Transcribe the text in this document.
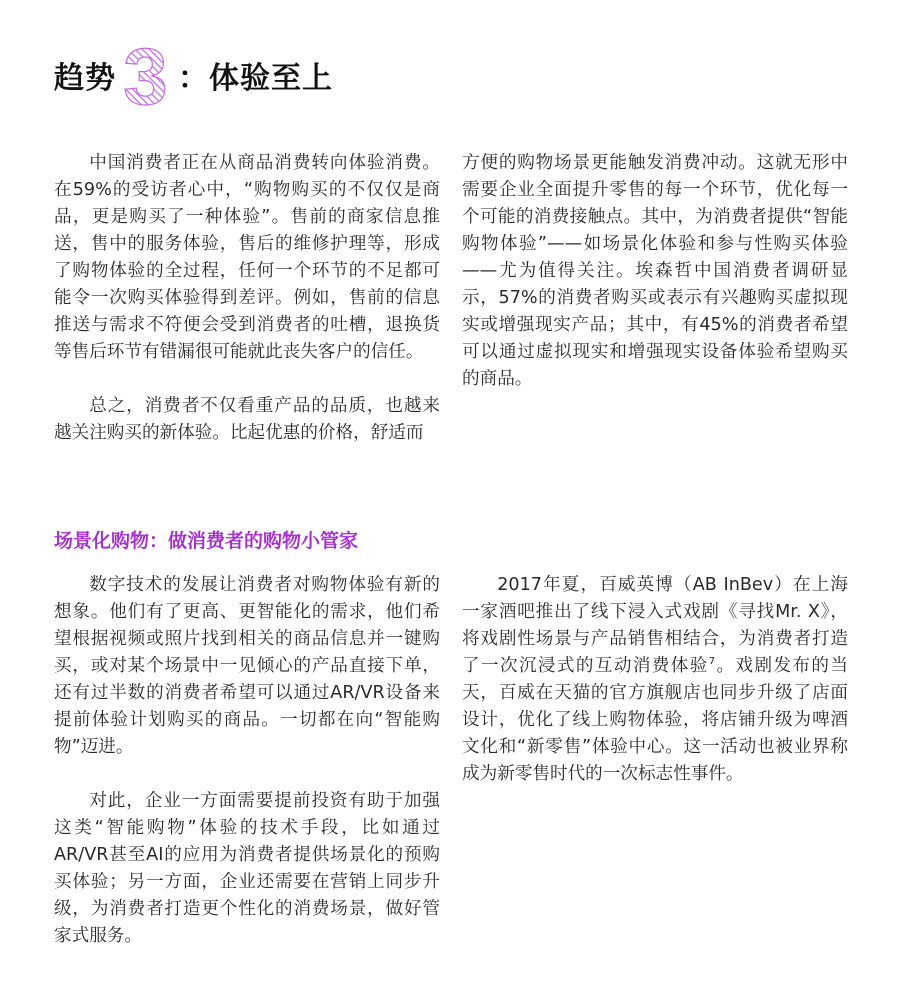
趋势 3 ：体验至上

中国消费者正在从商品消费转向体验消费。在59%的受访者心中，“购物购买的不仅仅是商品，更是购买了一种体验”。售前的商家信息推送，售中的服务体验，售后的维修护理等，形成了购物体验的全过程，任何一个环节的不足都可能令一次购买体验得到差评。例如，售前的信息推送与需求不符便会受到消费者的吐槽，退换货等售后环节有错漏很可能就此丧失客户的信任。

总之，消费者不仅看重产品的品质，也越来越关注购买的新体验。比起优惠的价格，舒适而

方便的购物场景更能触发消费冲动。这就无形中需要企业全面提升零售的每一个环节，优化每一个可能的消费接触点。其中，为消费者提供“智能购物体验”——如场景化体验和参与性购买体验——尤为值得关注。埃森哲中国消费者调研显示，57%的消费者购买或表示有兴趣购买虚拟现实或增强现实产品；其中，有45%的消费者希望可以通过虚拟现实和增强现实设备体验希望购买的商品。

场景化购物：做消费者的购物小管家

数字技术的发展让消费者对购物体验有新的想象。他们有了更高、更智能化的需求，他们希望根据视频或照片找到相关的商品信息并一键购买，或对某个场景中一见倾心的产品直接下单，还有过半数的消费者希望可以通过AR/VR设备来提前体验计划购买的商品。一切都在向“智能购物”迈进。

对此，企业一方面需要提前投资有助于加强这类“智能购物”体验的技术手段，比如通过AR/VR甚至AI的应用为消费者提供场景化的预购买体验；另一方面，企业还需要在营销上同步升级，为消费者打造更个性化的消费场景，做好管家式服务。

2017年夏，百威英博（AB InBev）在上海一家酒吧推出了线下浸入式戏剧《寻找Mr. X》，将戏剧性场景与产品销售相结合，为消费者打造了一次沉浸式的互动消费体验$^7$。戏剧发布的当天，百威在天猫的官方旗舰店也同步升级了店面设计，优化了线上购物体验，将店铺升级为啤酒文化和“新零售”体验中心。这一活动也被业界称成为新零售时代的一次标志性事件。
